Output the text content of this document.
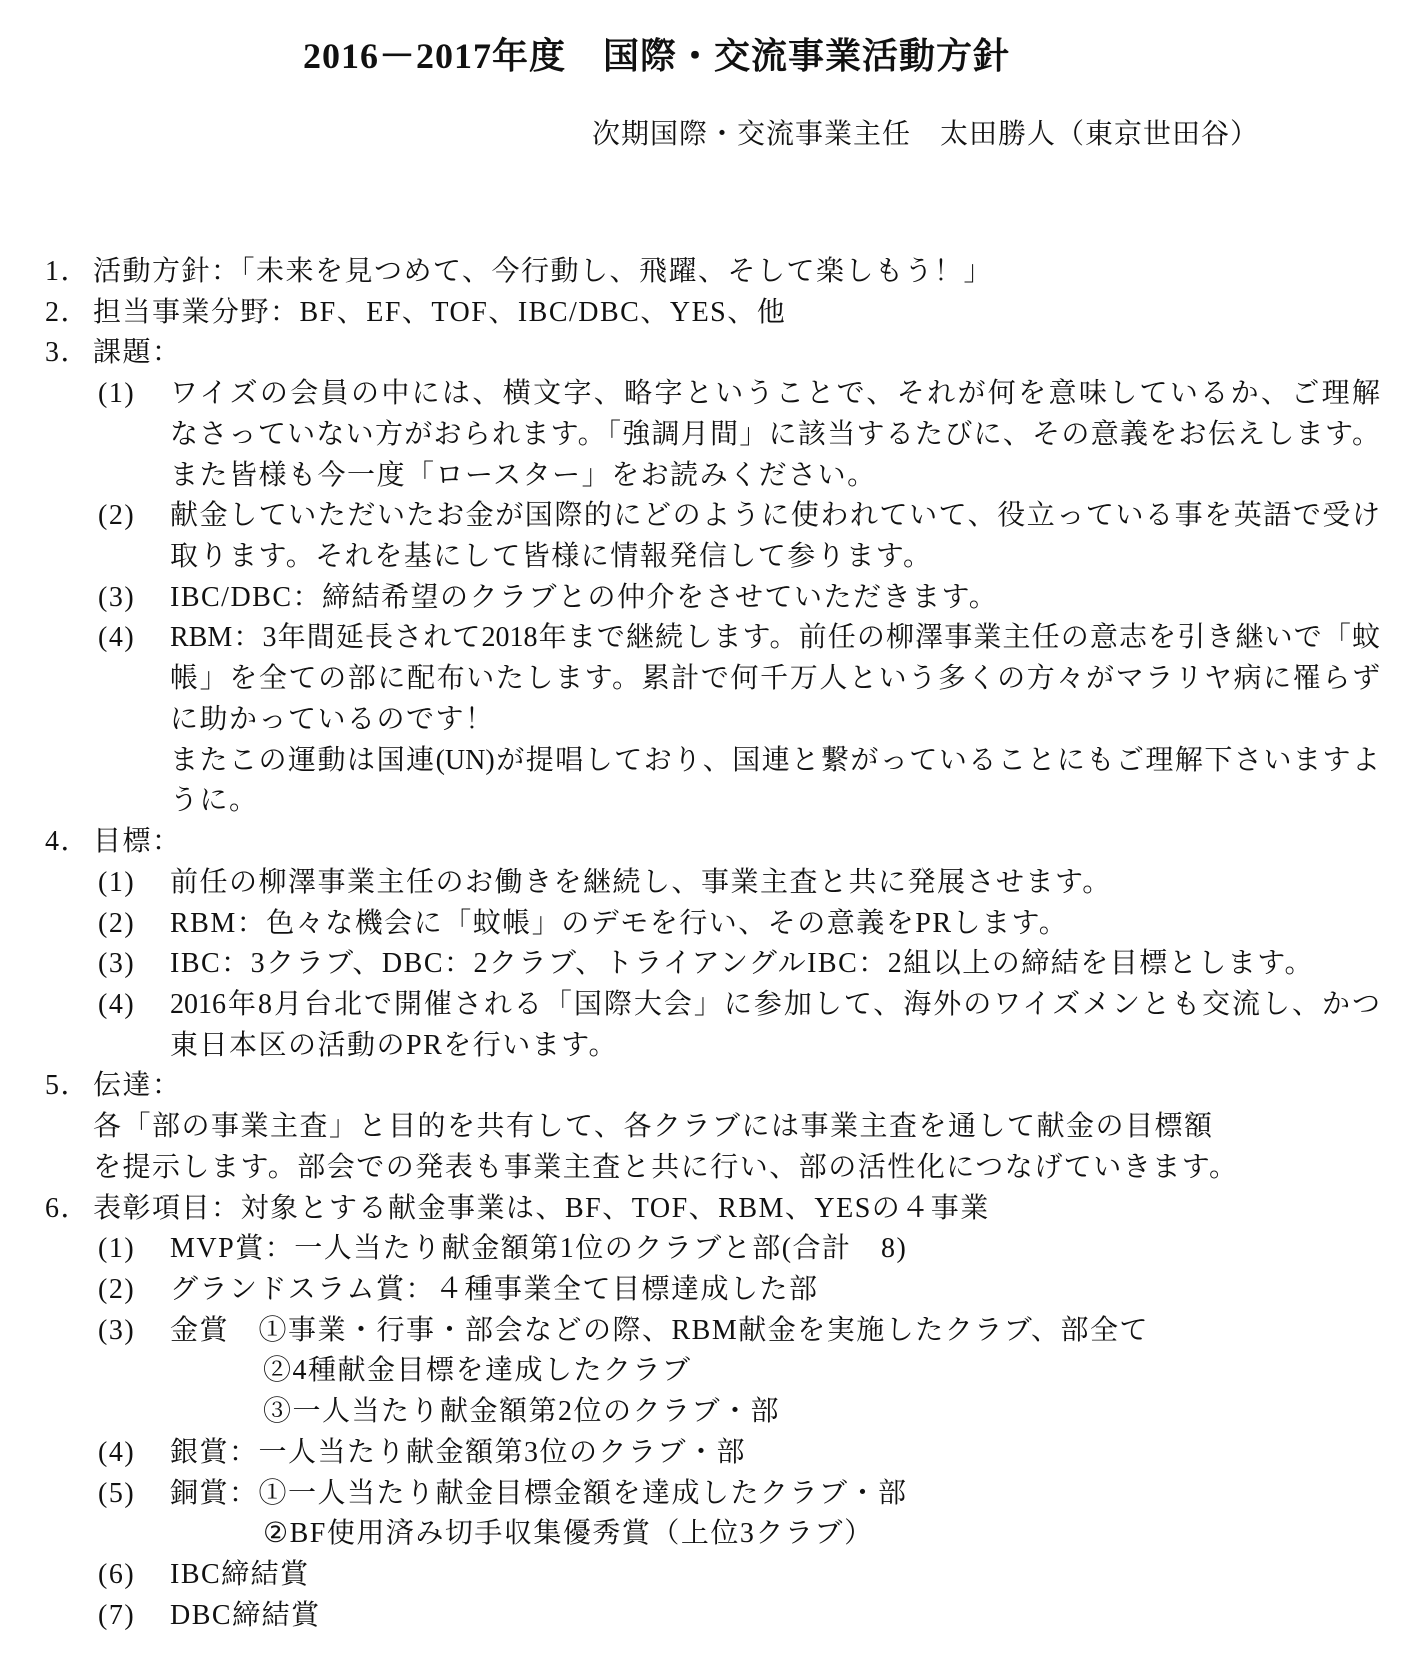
2016－2017年度　国際・交流事業活動方針
次期国際・交流事業主任　太田勝人（東京世田谷）
1． 活動方針：「未来を見つめて、今行動し、飛躍、そして楽しもう！」
2． 担当事業分野：BF、EF、TOF、IBC/DBC、YES、他
3． 課題：
(1) ワイズの会員の中には、横文字、略字ということで、それが何を意味しているか、ご理解
なさっていない方がおられます。「強調月間」に該当するたびに、その意義をお伝えします。
また皆様も今一度「ロースター」をお読みください。
(2) 献金していただいたお金が国際的にどのように使われていて、役立っている事を英語で受け
取ります。それを基にして皆様に情報発信して参ります。
(3) IBC/DBC：締結希望のクラブとの仲介をさせていただきます。
(4) RBM：3年間延長されて2018年まで継続します。前任の柳澤事業主任の意志を引き継いで「蚊
帳」を全ての部に配布いたします。累計で何千万人という多くの方々がマラリヤ病に罹らず
に助かっているのです！
またこの運動は国連(UN)が提唱しており、国連と繋がっていることにもご理解下さいますよ
うに。
4． 目標：
(1) 前任の柳澤事業主任のお働きを継続し、事業主査と共に発展させます。
(2) RBM：色々な機会に「蚊帳」のデモを行い、その意義をPRします。
(3) IBC：3クラブ、DBC：2クラブ、トライアングルIBC：2組以上の締結を目標とします。
(4) 2016年8月台北で開催される「国際大会」に参加して、海外のワイズメンとも交流し、かつ
東日本区の活動のPRを行います。
5． 伝達：
各「部の事業主査」と目的を共有して、各クラブには事業主査を通して献金の目標額
を提示します。部会での発表も事業主査と共に行い、部の活性化につなげていきます。
6． 表彰項目：対象とする献金事業は、BF、TOF、RBM、YESの４事業
(1) MVP賞：一人当たり献金額第1位のクラブと部(合計　8)
(2) グランドスラム賞：４種事業全て目標達成した部
(3) 金賞　①事業・行事・部会などの際、RBM献金を実施したクラブ、部全て
②4種献金目標を達成したクラブ
③一人当たり献金額第2位のクラブ・部
(4) 銀賞：一人当たり献金額第3位のクラブ・部
(5) 銅賞：①一人当たり献金目標金額を達成したクラブ・部
②BF使用済み切手収集優秀賞（上位3クラブ）
(6) IBC締結賞
(7) DBC締結賞
